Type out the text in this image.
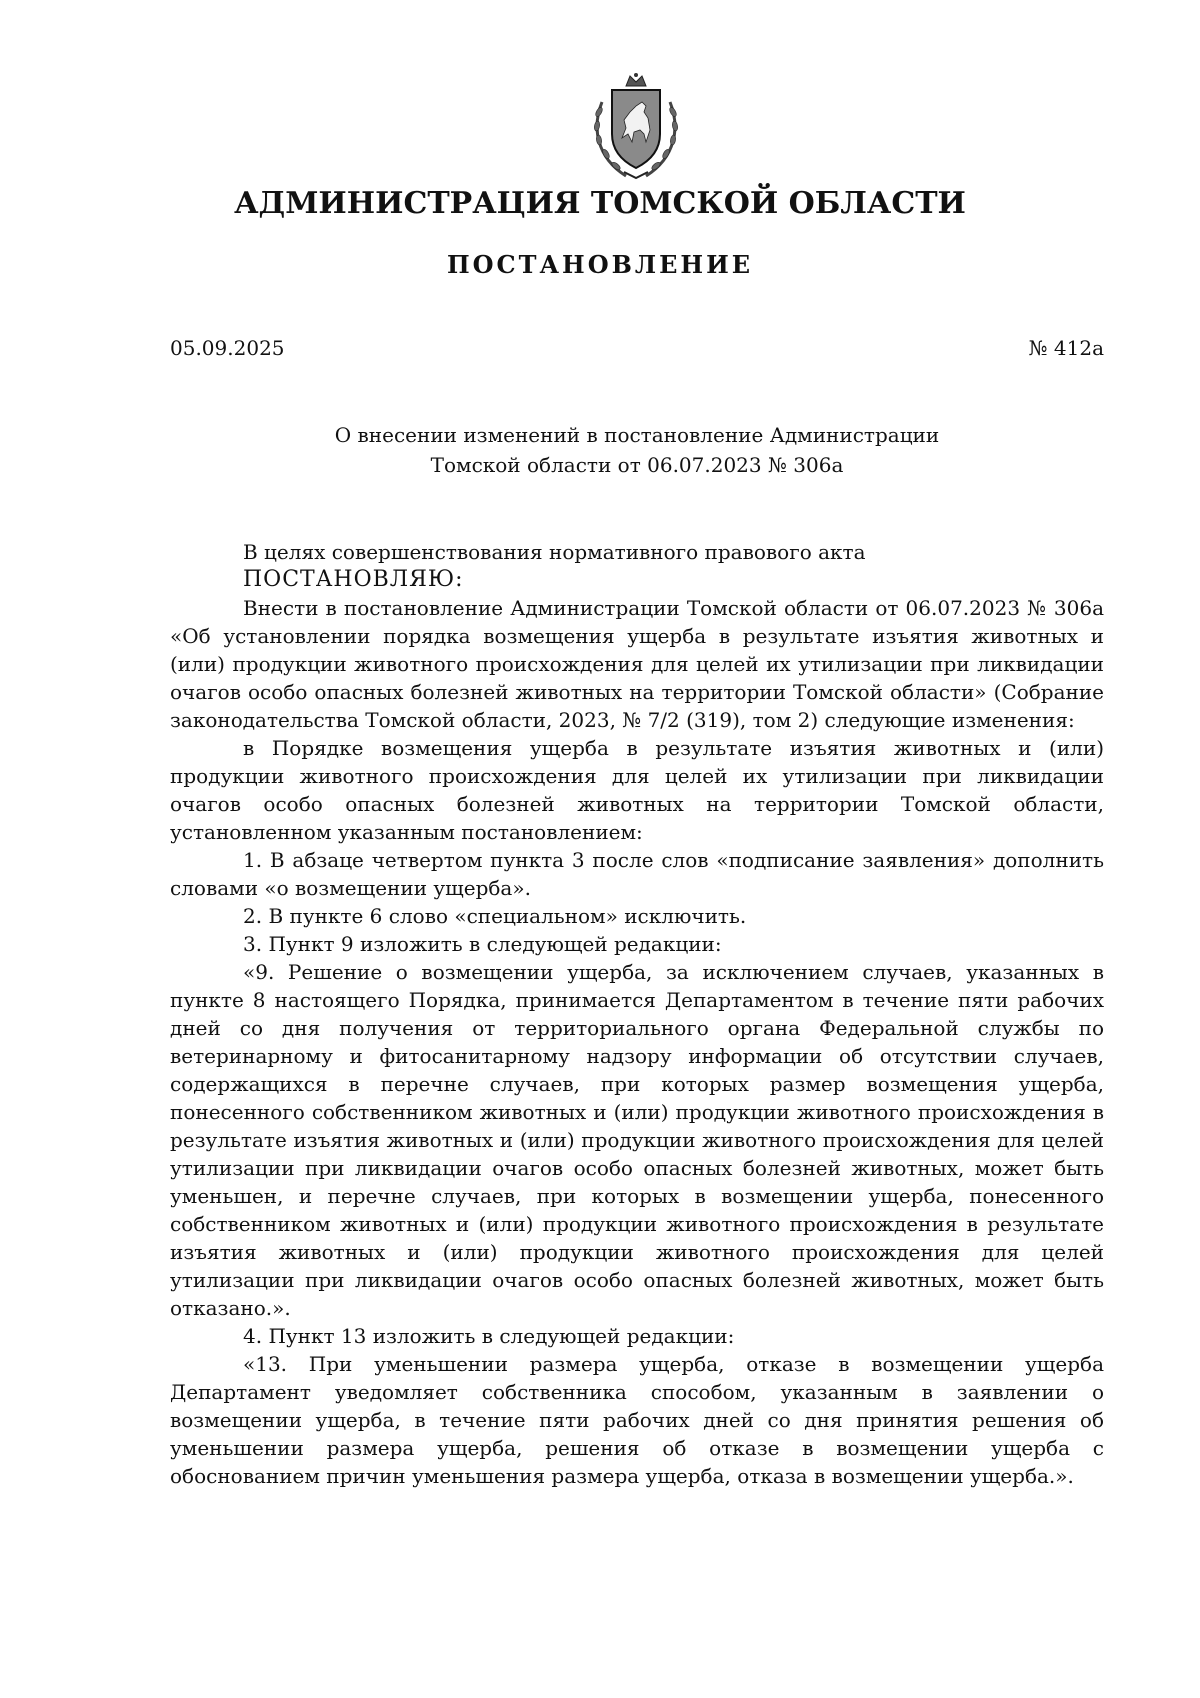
АДМИНИСТРАЦИЯ ТОМСКОЙ ОБЛАСТИ
ПОСТАНОВЛЕНИЕ
05.09.2025	№ 412а
О внесении изменений в постановление Администрации
Томской области от 06.07.2023 № 306а

В целях совершенствования нормативного правового акта

ПОСТАНОВЛЯЮ:

Внести в постановление Администрации Томской области от 06.07.2023 № 306а «Об установлении порядка возмещения ущерба в результате изъятия животных и (или) продукции животного происхождения для целей их утилизации при ликвидации очагов особо опасных болезней животных на территории Томской области» (Собрание законодательства Томской области, 2023, № 7/2 (319), том 2) следующие изменения:

в Порядке возмещения ущерба в результате изъятия животных и (или) продукции животного происхождения для целей их утилизации при ликвидации очагов особо опасных болезней животных на территории Томской области, установленном указанным постановлением:

1. В абзаце четвертом пункта 3 после слов «подписание заявления» дополнить словами «о возмещении ущерба».

2. В пункте 6 слово «специальном» исключить.

3. Пункт 9 изложить в следующей редакции:

«9. Решение о возмещении ущерба, за исключением случаев, указанных в пункте 8 настоящего Порядка, принимается Департаментом в течение пяти рабочих дней со дня получения от территориального органа Федеральной службы по ветеринарному и фитосанитарному надзору информации об отсутствии случаев, содержащихся в перечне случаев, при которых размер возмещения ущерба, понесенного собственником животных и (или) продукции животного происхождения в результате изъятия животных и (или) продукции животного происхождения для целей утилизации при ликвидации очагов особо опасных болезней животных, может быть уменьшен, и перечне случаев, при которых в возмещении ущерба, понесенного собственником животных и (или) продукции животного происхождения в результате изъятия животных и (или) продукции животного происхождения для целей утилизации при ликвидации очагов особо опасных болезней животных, может быть отказано.».

4. Пункт 13 изложить в следующей редакции:

«13. При уменьшении размера ущерба, отказе в возмещении ущерба Департамент уведомляет собственника способом, указанным в заявлении о возмещении ущерба, в течение пяти рабочих дней со дня принятия решения об уменьшении размера ущерба, решения об отказе в возмещении ущерба с обоснованием причин уменьшения размера ущерба, отказа в возмещении ущерба.».
